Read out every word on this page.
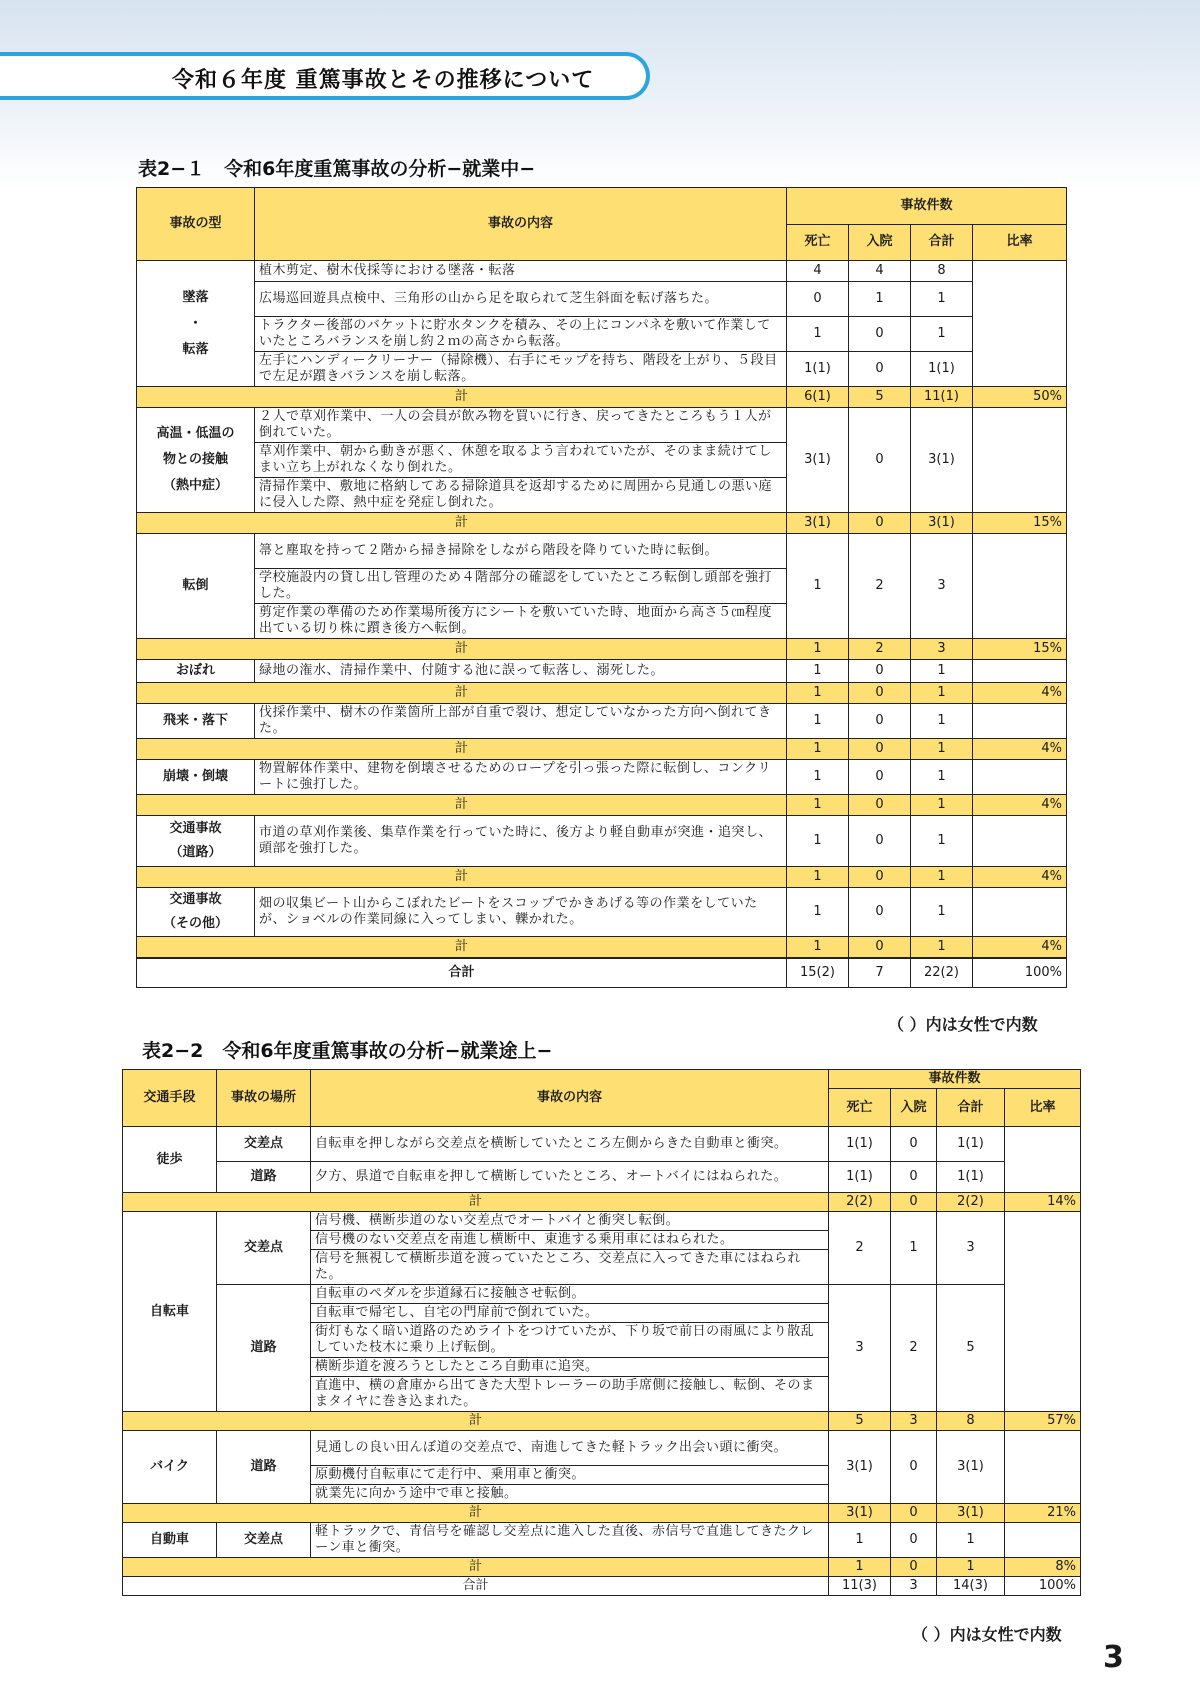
令和６年度 重篤事故とその推移について
表2−１　令和6年度重篤事故の分析−就業中−
事故の型	事故の内容	事故件数			
		死亡	入院	合計	比率

墜落
・
転落	植木剪定、樹木伐採等における墜落・転落	4	4	8	
	広場巡回遊具点検中、三角形の山から足を取られて芝生斜面を転げ落ちた。	0	1	1	
	トラクター後部のバケットに貯水タンクを積み、その上にコンパネを敷いて作業していたところバランスを崩し約２ｍの高さから転落。	1	0	1	
	左手にハンディークリーナー（掃除機）、右手にモップを持ち、階段を上がり、５段目で左足が躓きバランスを崩し転落。	1(1)	0	1(1)	
計		6(1)	5	11(1)	50%

高温・低温の
物との接触
（熱中症）	２人で草刈作業中、一人の会員が飲み物を買いに行き、戻ってきたところもう１人が倒れていた。	3(1)	0	3(1)	
	草刈作業中、朝から動きが悪く、休憩を取るよう言われていたが、そのまま続けてしまい立ち上がれなくなり倒れた。				
	清掃作業中、敷地に格納してある掃除道具を返却するために周囲から見通しの悪い庭に侵入した際、熱中症を発症し倒れた。				
計		3(1)	0	3(1)	15%

転倒	箒と塵取を持って２階から掃き掃除をしながら階段を降りていた時に転倒。	1	2	3	
	学校施設内の貸し出し管理のため４階部分の確認をしていたところ転倒し頭部を強打した。				
	剪定作業の準備のため作業場所後方にシートを敷いていた時、地面から高さ５㎝程度出ている切り株に躓き後方へ転倒。				
計		1	2	3	15%
おぼれ	緑地の潅水、清掃作業中、付随する池に誤って転落し、溺死した。	1	0	1	
計		1	0	1	4%
飛来・落下	伐採作業中、樹木の作業箇所上部が自重で裂け、想定していなかった方向へ倒れてきた。	1	0	1	
計		1	0	1	4%
崩壊・倒壊	物置解体作業中、建物を倒壊させるためのロープを引っ張った際に転倒し、コンクリートに強打した。	1	0	1	
計		1	0	1	4%

交通事故
（道路）	市道の草刈作業後、集草作業を行っていた時に、後方より軽自動車が突進・追突し、頭部を強打した。	1	0	1	
計		1	0	1	4%

交通事故
（その他）	畑の収集ビート山からこぼれたビートをスコップでかきあげる等の作業をしていたが、ショベルの作業同線に入ってしまい、轢かれた。	1	0	1	
計		1	0	1	4%
合計		15(2)	7	22(2)	100%
（ ）内は女性で内数
表2−2　令和6年度重篤事故の分析−就業途上−
交通手段	事故の場所	事故の内容	事故件数			
			死亡	入院	合計	比率
徒歩	交差点	自転車を押しながら交差点を横断していたところ左側からきた自動車と衝突。	1(1)	0	1(1)	
	道路	夕方、県道で自転車を押して横断していたところ、オートバイにはねられた。	1(1)	0	1(1)	
計			2(2)	0	2(2)	14%
自転車	交差点	信号機、横断歩道のない交差点でオートバイと衝突し転倒。	2	1	3	
		信号機のない交差点を南進し横断中、東進する乗用車にはねられた。				
		信号を無視して横断歩道を渡っていたところ、交差点に入ってきた車にはねられた。				
	道路	自転車のペダルを歩道縁石に接触させ転倒。	3	2	5	
		自転車で帰宅し、自宅の門扉前で倒れていた。				
		街灯もなく暗い道路のためライトをつけていたが、下り坂で前日の雨風により散乱していた枝木に乗り上げ転倒。				
		横断歩道を渡ろうとしたところ自動車に追突。				
		直進中、横の倉庫から出てきた大型トレーラーの助手席側に接触し、転倒、そのままタイヤに巻き込まれた。				
計			5	3	8	57%
バイク	道路	見通しの良い田んぼ道の交差点で、南進してきた軽トラック出会い頭に衝突。	3(1)	0	3(1)	
		原動機付自転車にて走行中、乗用車と衝突。				
		就業先に向かう途中で車と接触。				
計			3(1)	0	3(1)	21%
自動車	交差点	軽トラックで、青信号を確認し交差点に進入した直後、赤信号で直進してきたクレーン車と衝突。	1	0	1	
計			1	0	1	8%
合計			11(3)	3	14(3)	100%
（ ）内は女性で内数
3
